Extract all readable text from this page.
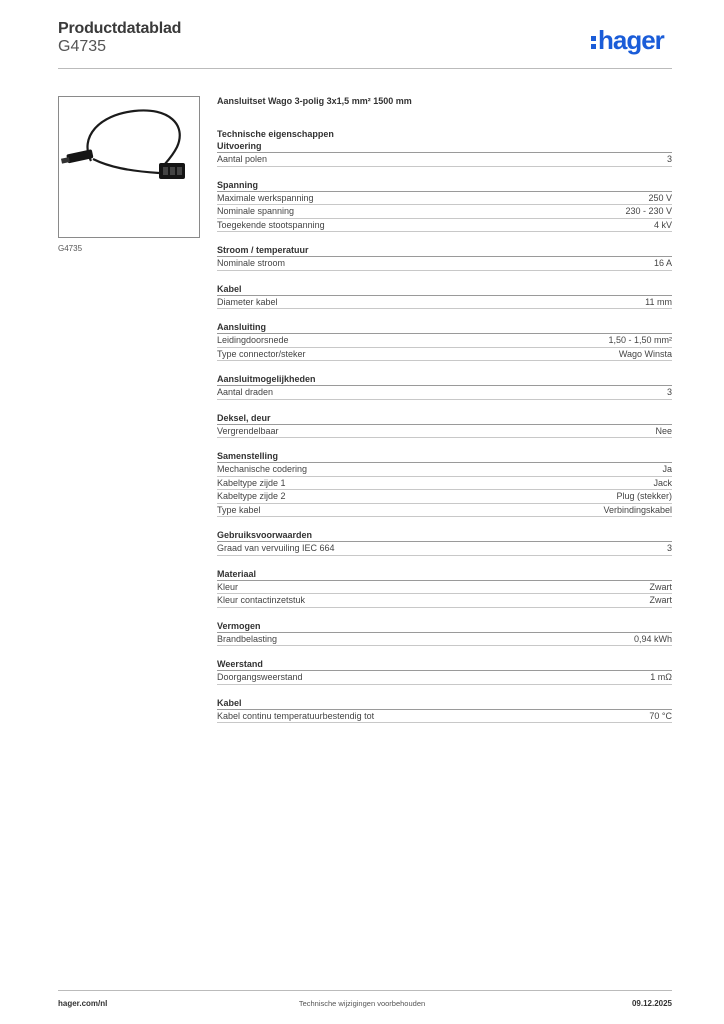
Productdatablad
G4735	hager
G4735
Aansluitset Wago 3-polig 3x1,5 mm² 1500 mm
Technische eigenschappen
Uitvoering
Aantal polen	3
Spanning
Maximale werkspanning	250 V
Nominale spanning	230 - 230 V
Toegekende stootspanning	4 kV
Stroom / temperatuur
Nominale stroom	16 A
Kabel
Diameter kabel	11 mm
Aansluiting
Leidingdoorsnede	1,50 - 1,50 mm²
Type connector/steker	Wago Winsta
Aansluitmogelijkheden
Aantal draden	3
Deksel, deur
Vergrendelbaar	Nee
Samenstelling
Mechanische codering	Ja
Kabeltype zijde 1	Jack
Kabeltype zijde 2	Plug (stekker)
Type kabel	Verbindingskabel
Gebruiksvoorwaarden
Graad van vervuiling IEC 664	3
Materiaal
Kleur	Zwart
Kleur contactinzetstuk	Zwart
Vermogen
Brandbelasting	0,94 kWh
Weerstand
Doorgangsweerstand	1 mΩ
Kabel
Kabel continu temperatuurbestendig tot	70 °C
hager.com/nl	Technische wijzigingen voorbehouden	09.12.2025
